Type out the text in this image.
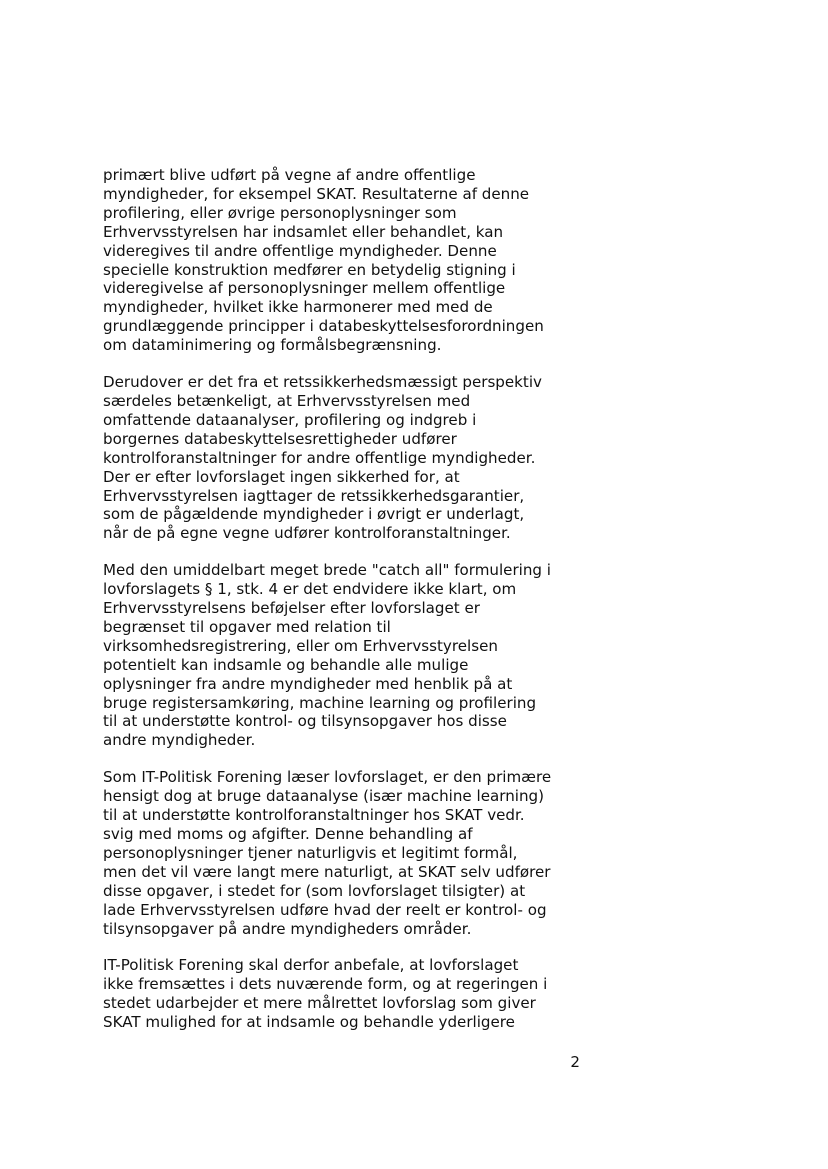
primært blive udført på vegne af andre offentlige
myndigheder, for eksempel SKAT. Resultaterne af denne
profilering, eller øvrige personoplysninger som
Erhvervsstyrelsen har indsamlet eller behandlet, kan
videregives til andre offentlige myndigheder. Denne
specielle konstruktion medfører en betydelig stigning i
videregivelse af personoplysninger mellem offentlige
myndigheder, hvilket ikke harmonerer med med de
grundlæggende principper i databeskyttelsesforordningen
om dataminimering og formålsbegrænsning.

Derudover er det fra et retssikkerhedsmæssigt perspektiv
særdeles betænkeligt, at Erhvervsstyrelsen med
omfattende dataanalyser, profilering og indgreb i
borgernes databeskyttelsesrettigheder udfører
kontrolforanstaltninger for andre offentlige myndigheder.
Der er efter lovforslaget ingen sikkerhed for, at
Erhvervsstyrelsen iagttager de retssikkerhedsgarantier,
som de pågældende myndigheder i øvrigt er underlagt,
når de på egne vegne udfører kontrolforanstaltninger.

Med den umiddelbart meget brede "catch all" formulering i
lovforslagets § 1, stk. 4 er det endvidere ikke klart, om
Erhvervsstyrelsens beføjelser efter lovforslaget er
begrænset til opgaver med relation til
virksomhedsregistrering, eller om Erhvervsstyrelsen
potentielt kan indsamle og behandle alle mulige
oplysninger fra andre myndigheder med henblik på at
bruge registersamkøring, machine learning og profilering
til at understøtte kontrol- og tilsynsopgaver hos disse
andre myndigheder.

Som IT-Politisk Forening læser lovforslaget, er den primære
hensigt dog at bruge dataanalyse (især machine learning)
til at understøtte kontrolforanstaltninger hos SKAT vedr.
svig med moms og afgifter. Denne behandling af
personoplysninger tjener naturligvis et legitimt formål,
men det vil være langt mere naturligt, at SKAT selv udfører
disse opgaver, i stedet for (som lovforslaget tilsigter) at
lade Erhvervsstyrelsen udføre hvad der reelt er kontrol- og
tilsynsopgaver på andre myndigheders områder.

IT-Politisk Forening skal derfor anbefale, at lovforslaget
ikke fremsættes i dets nuværende form, og at regeringen i
stedet udarbejder et mere målrettet lovforslag som giver
SKAT mulighed for at indsamle og behandle yderligere

2
